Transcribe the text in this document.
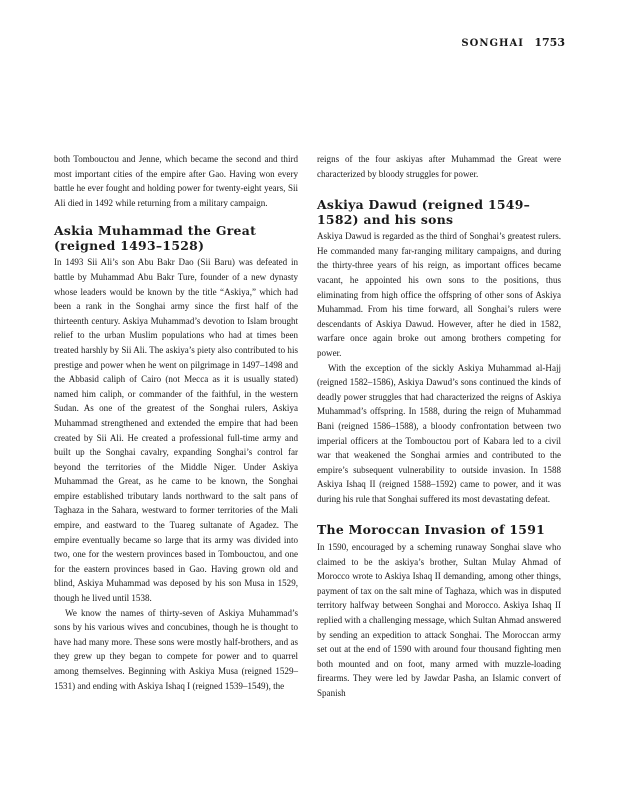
SONGHAI 1753

both Tombouctou and Jenne, which became the second and third most important cities of the empire after Gao. Having won every battle he ever fought and holding power for twenty-eight years, Sii Ali died in 1492 while returning from a military campaign.

Askia Muhammad the Great (reigned 1493–1528)

In 1493 Sii Ali’s son Abu Bakr Dao (Sii Baru) was defeated in battle by Muhammad Abu Bakr Ture, founder of a new dynasty whose leaders would be known by the title “Askiya,” which had been a rank in the Songhai army since the first half of the thirteenth century. Askiya Muhammad’s devotion to Islam brought relief to the urban Muslim populations who had at times been treated harshly by Sii Ali. The askiya’s piety also contributed to his prestige and power when he went on pilgrimage in 1497–1498 and the Abbasid caliph of Cairo (not Mecca as it is usually stated) named him caliph, or commander of the faithful, in the western Sudan. As one of the greatest of the Songhai rulers, Askiya Muhammad strengthened and extended the empire that had been created by Sii Ali. He created a professional full-time army and built up the Songhai cavalry, expanding Songhai’s control far beyond the territories of the Middle Niger. Under Askiya Muhammad the Great, as he came to be known, the Songhai empire established tributary lands northward to the salt pans of Taghaza in the Sahara, westward to former territories of the Mali empire, and eastward to the Tuareg sultanate of Agadez. The empire eventually became so large that its army was divided into two, one for the western provinces based in Tombouctou, and one for the eastern provinces based in Gao. Having grown old and blind, Askiya Muhammad was deposed by his son Musa in 1529, though he lived until 1538.

We know the names of thirty-seven of Askiya Muhammad’s sons by his various wives and concubines, though he is thought to have had many more. These sons were mostly half-brothers, and as they grew up they began to compete for power and to quarrel among themselves. Beginning with Askiya Musa (reigned 1529–1531) and ending with Askiya Ishaq I (reigned 1539–1549), the

reigns of the four askiyas after Muhammad the Great were characterized by bloody struggles for power.

Askiya Dawud (reigned 1549–1582) and his sons

Askiya Dawud is regarded as the third of Songhai’s greatest rulers. He commanded many far-ranging military campaigns, and during the thirty-three years of his reign, as important offices became vacant, he appointed his own sons to the positions, thus eliminating from high office the offspring of other sons of Askiya Muhammad. From his time forward, all Songhai’s rulers were descendants of Askiya Dawud. However, after he died in 1582, warfare once again broke out among brothers competing for power.

With the exception of the sickly Askiya Muhammad al-Hajj (reigned 1582–1586), Askiya Dawud’s sons continued the kinds of deadly power struggles that had characterized the reigns of Askiya Muhammad’s offspring. In 1588, during the reign of Muhammad Bani (reigned 1586–1588), a bloody confrontation between two imperial officers at the Tombouctou port of Kabara led to a civil war that weakened the Songhai armies and contributed to the empire’s subsequent vulnerability to outside invasion. In 1588 Askiya Ishaq II (reigned 1588–1592) came to power, and it was during his rule that Songhai suffered its most devastating defeat.

The Moroccan Invasion of 1591

In 1590, encouraged by a scheming runaway Songhai slave who claimed to be the askiya’s brother, Sultan Mulay Ahmad of Morocco wrote to Askiya Ishaq II demanding, among other things, payment of tax on the salt mine of Taghaza, which was in disputed territory halfway between Songhai and Morocco. Askiya Ishaq II replied with a challenging message, which Sultan Ahmad answered by sending an expedition to attack Songhai. The Moroccan army set out at the end of 1590 with around four thousand fighting men both mounted and on foot, many armed with muzzle-loading firearms. They were led by Jawdar Pasha, an Islamic convert of Spanish
